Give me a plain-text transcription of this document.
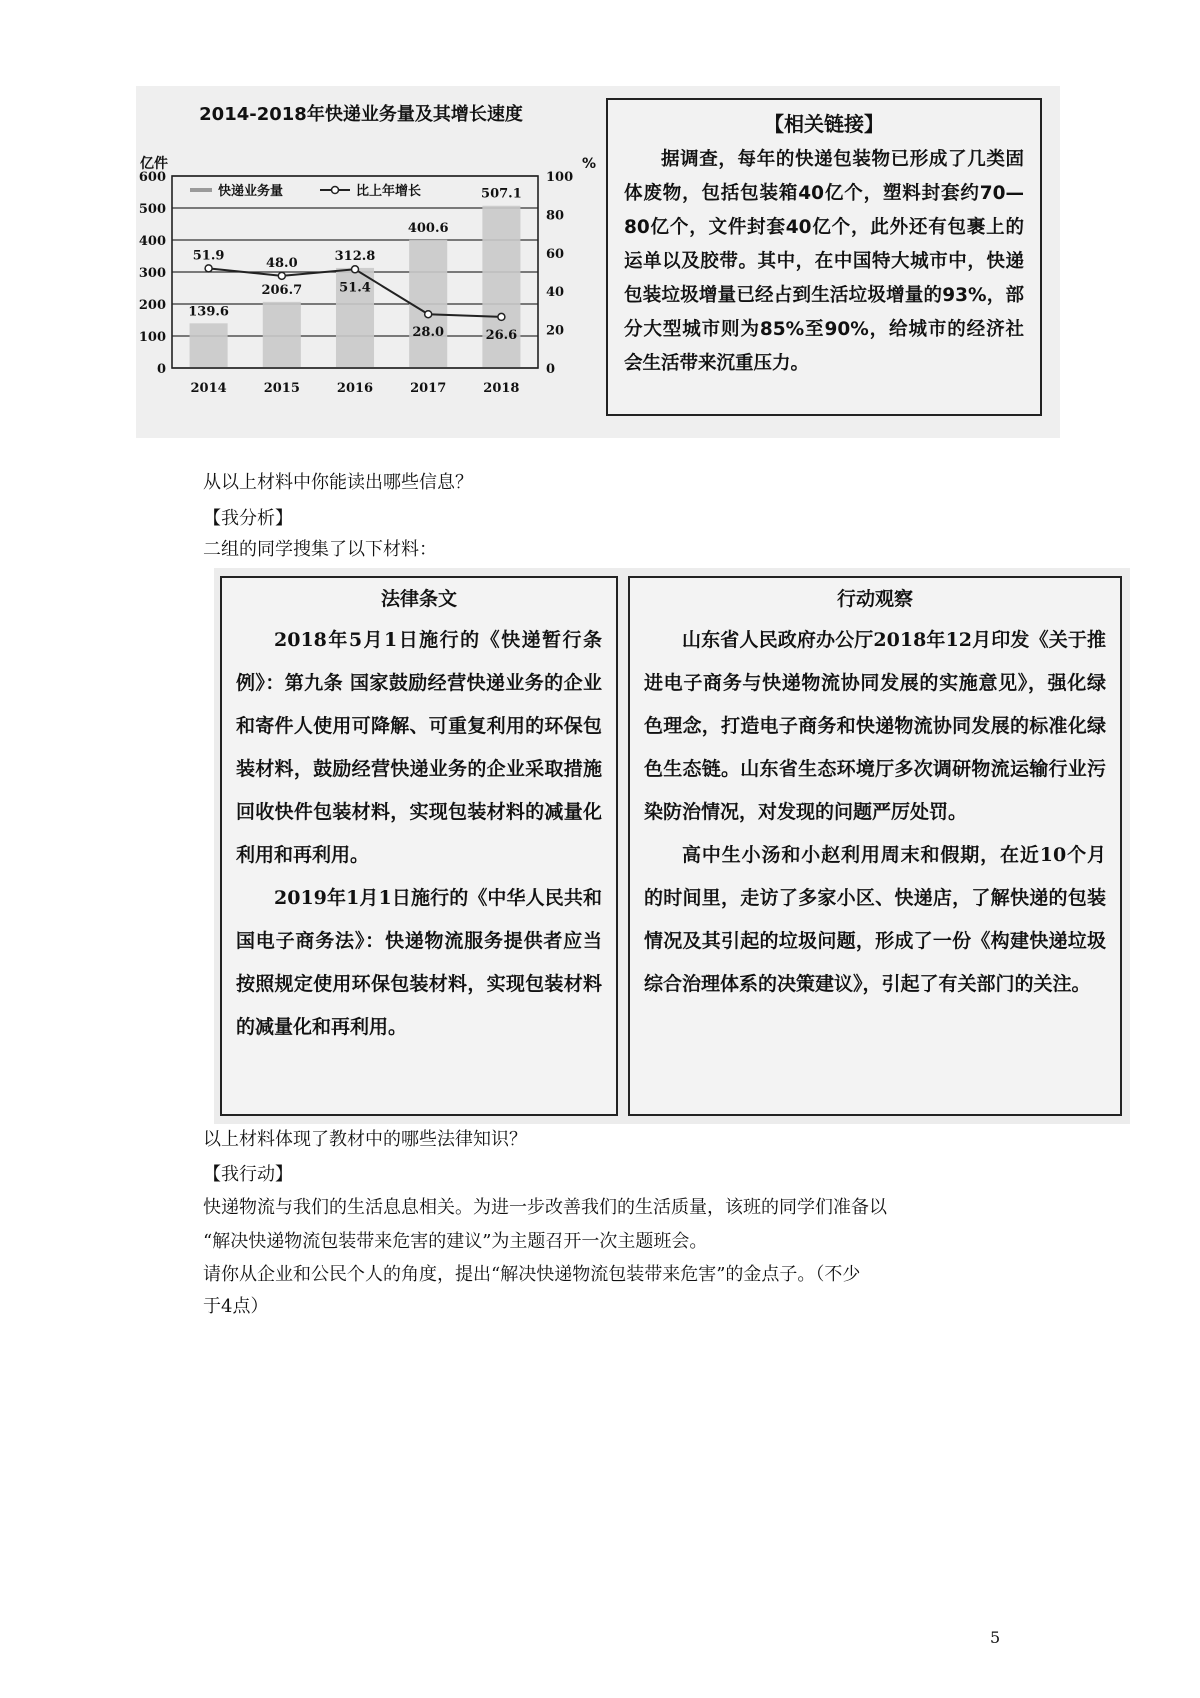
2014-2018年快递业务量及其增长速度
亿件	%
139.6
206.7
312.8
400.6
507.1
51.9	48.0
51.4
28.0	26.6
0
100
200
300
400
500
600
0
20
40
60
80
100
2014	2015	2016	2017	2018
快递业务量	比上年增长

【相关链接】

据调查，每年的快递包装物已形成了几类固体废物，包括包装箱40亿个，塑料封套约70—80亿个，文件封套40亿个，此外还有包裹上的运单以及胶带。其中，在中国特大城市中，快递包装垃圾增量已经占到生活垃圾增量的93%，部分大型城市则为85%至90%，给城市的经济社会生活带来沉重压力。

从以上材料中你能读出哪些信息？
【我分析】
二组的同学搜集了以下材料：

法律条文

2018年5月1日施行的《快递暂行条例》：第九条 国家鼓励经营快递业务的企业和寄件人使用可降解、可重复利用的环保包装材料，鼓励经营快递业务的企业采取措施回收快件包装材料，实现包装材料的减量化利用和再利用。

2019年1月1日施行的《中华人民共和国电子商务法》：快递物流服务提供者应当按照规定使用环保包装材料，实现包装材料的减量化和再利用。

行动观察

山东省人民政府办公厅2018年12月印发《关于推进电子商务与快递物流协同发展的实施意见》，强化绿色理念，打造电子商务和快递物流协同发展的标准化绿色生态链。山东省生态环境厅多次调研物流运输行业污染防治情况，对发现的问题严厉处罚。

高中生小汤和小赵利用周末和假期，在近10个月的时间里，走访了多家小区、快递店，了解快递的包装情况及其引起的垃圾问题，形成了一份《构建快递垃圾综合治理体系的决策建议》，引起了有关部门的关注。

以上材料体现了教材中的哪些法律知识？
【我行动】
快递物流与我们的生活息息相关。为进一步改善我们的生活质量，该班的同学们准备以
“解决快递物流包装带来危害的建议”为主题召开一次主题班会。
请你从企业和公民个人的角度，提出“解决快递物流包装带来危害”的金点子。（不少
于4点）
5
